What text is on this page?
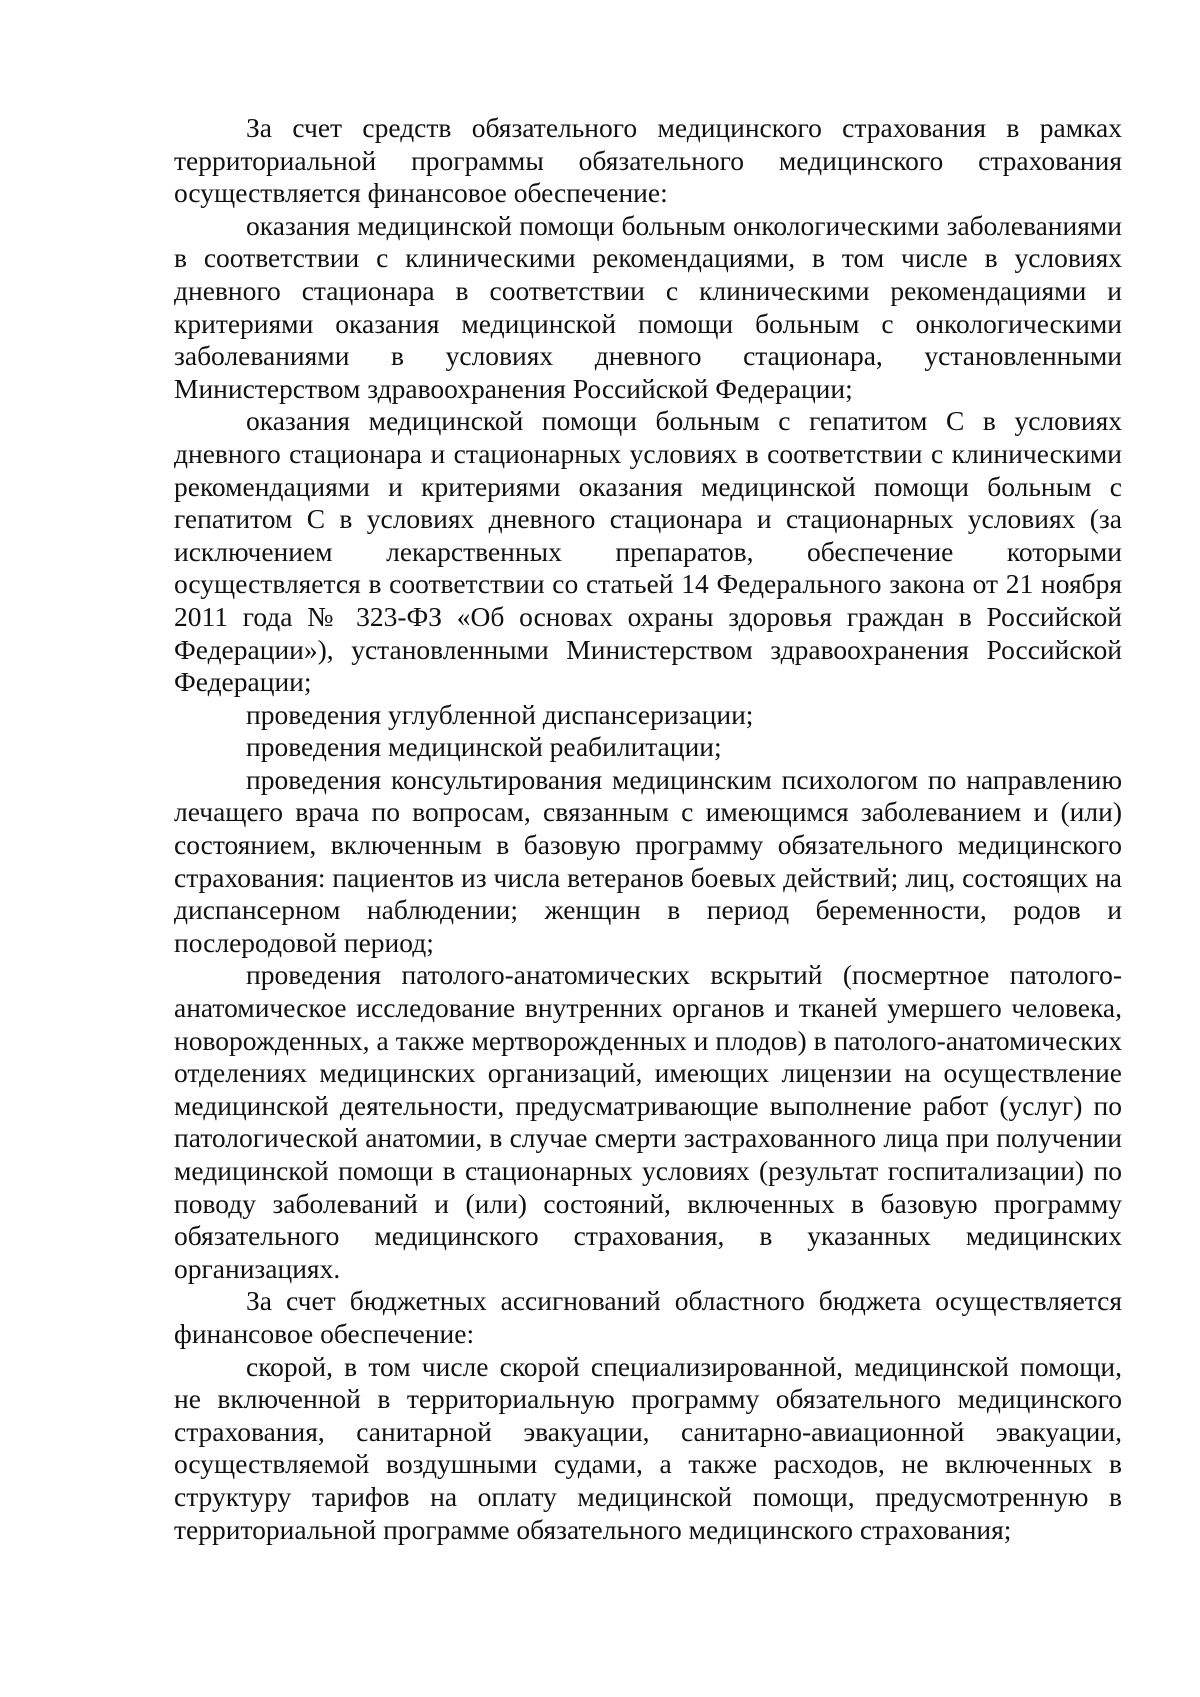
За счет средств обязательного медицинского страхования в рамках территориальной программы обязательного медицинского страхования осуществляется финансовое обеспечение:

оказания медицинской помощи больным онкологическими заболеваниями в соответствии с клиническими рекомендациями, в том числе в условиях дневного стационара в соответствии с клиническими рекомендациями и критериями оказания медицинской помощи больным с онкологическими заболеваниями в условиях дневного стационара, установленными Министерством здравоохранения Российской Федерации;

оказания медицинской помощи больным с гепатитом С в условиях дневного стационара и стационарных условиях в соответствии с клиническими рекомендациями и критериями оказания медицинской помощи больным с гепатитом С в условиях дневного стационара и стационарных условиях (за исключением лекарственных препаратов, обеспечение которыми осуществляется в соответствии со статьей 14 Федерального закона от 21 ноября 2011 года № 323-ФЗ «Об основах охраны здоровья граждан в Российской Федерации»), установленными Министерством здравоохранения Российской Федерации;

проведения углубленной диспансеризации;

проведения медицинской реабилитации;

проведения консультирования медицинским психологом по направлению лечащего врача по вопросам, связанным с имеющимся заболеванием и (или) состоянием, включенным в базовую программу обязательного медицинского страхования: пациентов из числа ветеранов боевых действий; лиц, состоящих на диспансерном наблюдении; женщин в период беременности, родов и послеродовой период;

проведения патолого-анатомических вскрытий (посмертное патолого-анатомическое исследование внутренних органов и тканей умершего человека, новорожденных, а также мертворожденных и плодов) в патолого-анатомических отделениях медицинских организаций, имеющих лицензии на осуществление медицинской деятельности, предусматривающие выполнение работ (услуг) по патологической анатомии, в случае смерти застрахованного лица при получении медицинской помощи в стационарных условиях (результат госпитализации) по поводу заболеваний и (или) состояний, включенных в базовую программу обязательного медицинского страхования, в указанных медицинских организациях.

За счет бюджетных ассигнований областного бюджета осуществляется финансовое обеспечение:

скорой, в том числе скорой специализированной, медицинской помощи, не включенной в территориальную программу обязательного медицинского страхования, санитарной эвакуации, санитарно-авиационной эвакуации, осуществляемой воздушными судами, а также расходов, не включенных в структуру тарифов на оплату медицинской помощи, предусмотренную в территориальной программе обязательного медицинского страхования;
